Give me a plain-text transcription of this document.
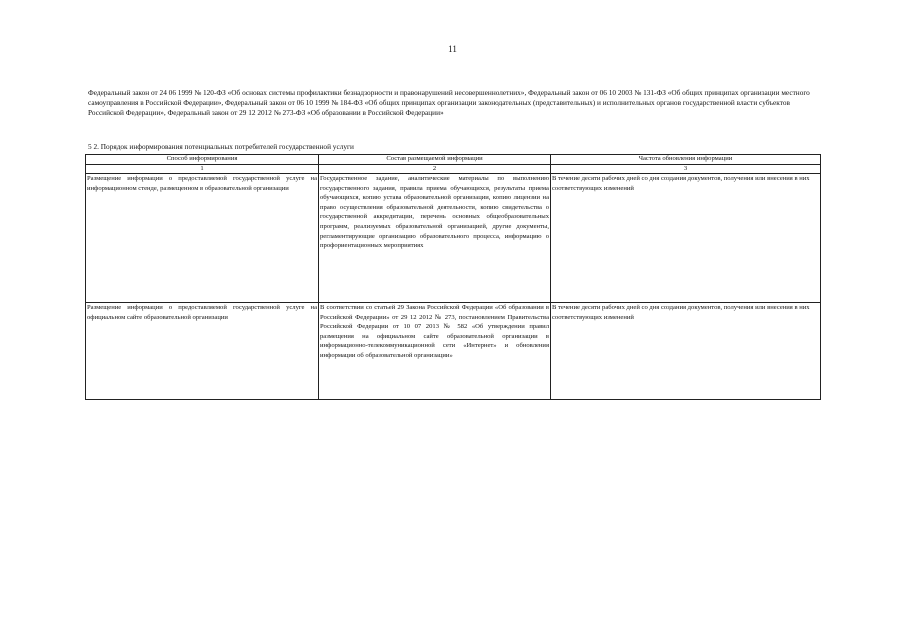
11
Федеральный закон от 24 06 1999 № 120-ФЗ «Об основах системы профилактики безнадзорности и правонарушений несовершеннолетних», Федеральный закон от 06 10 2003 № 131-ФЗ «Об общих принципах организации местного самоуправления в Российской Федерации», Федеральный закон от 06 10 1999 № 184-ФЗ «Об общих принципах организации законодательных (представительных) и исполнительных органов государственной власти субъектов Российской Федерации», Федеральный закон от 29 12 2012 № 273-ФЗ «Об образовании в Российской Федерации»
5 2. Порядок информирования потенциальных потребителей государственной услуги
Способ информирования	Состав размещаемой информации	Частота обновления информации
1	2	3
Размещение информации о предоставляемой государственной услуге на информационном стенде, размещенном в образовательной организации	Государственное задание, аналитические материалы по выполнению государственного задания, правила приема обучающихся, результаты приема обучающихся, копию устава образовательной организации, копию лицензии на право осуществления образовательной деятельности, копию свидетельства о государственной аккредитации, перечень основных общеобразовательных программ, реализуемых образовательной организацией, другие документы, регламентирующие организацию образовательного процесса, информацию о профориентационных мероприятиях	В течение десяти рабочих дней со дня создания документов, получения или внесения в них соответствующих изменений
Размещение информации о предоставляемой государственной услуге на официальном сайте образовательной организации	В соответствии со статьей 29 Закона Российской Федерации «Об образовании в Российской Федерации» от 29 12 2012 № 273, постановлением Правительства Российской Федерации от 10 07 2013 № 582 «Об утверждении правил размещения на официальном сайте образовательной организации в информационно-телекоммуникационной сети «Интернет» и обновления информации об образовательной организации»	В течение десяти рабочих дней со дня создания документов, получения или внесения в них соответствующих изменений
